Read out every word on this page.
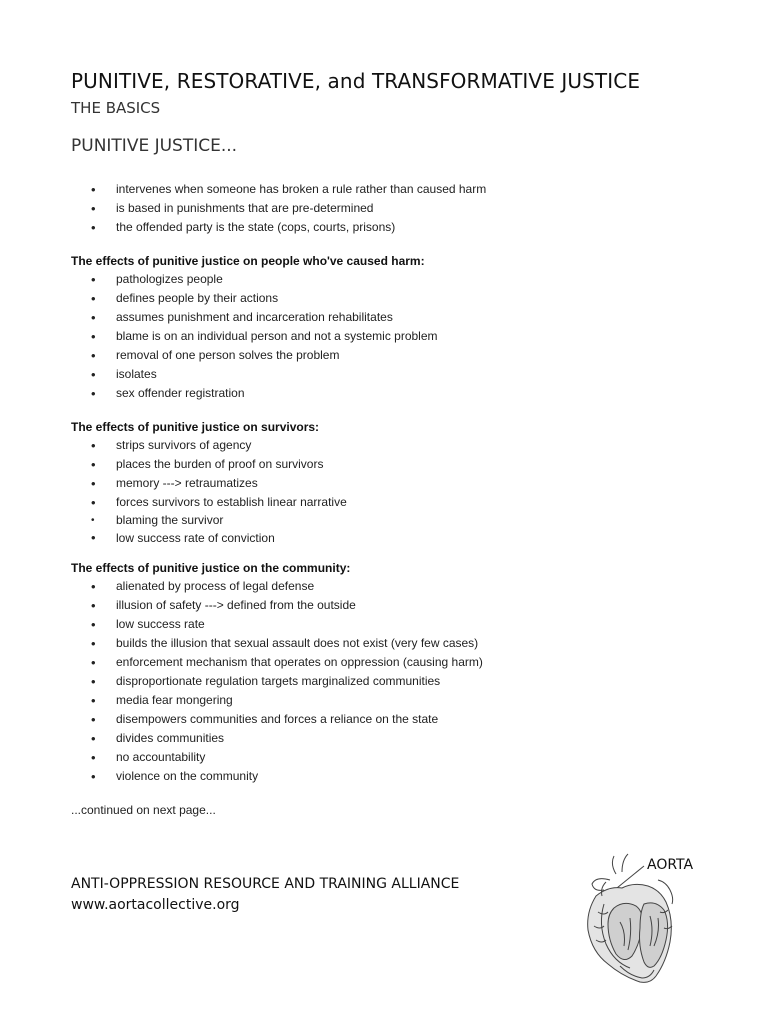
PUNITIVE, RESTORATIVE, and TRANSFORMATIVE JUSTICE
THE BASICS
PUNITIVE JUSTICE...
• intervenes when someone has broken a rule rather than caused harm
• is based in punishments that are pre-determined
• the offended party is the state (cops, courts, prisons)
The effects of punitive justice on people who've caused harm:
• pathologizes people
• defines people by their actions
• assumes punishment and incarceration rehabilitates
• blame is on an individual person and not a systemic problem
• removal of one person solves the problem
• isolates
• sex offender registration
The effects of punitive justice on survivors:
• strips survivors of agency
• places the burden of proof on survivors
• memory ---> retraumatizes
• forces survivors to establish linear narrative
• blaming the survivor
• low success rate of conviction
The effects of punitive justice on the community:
• alienated by process of legal defense
• illusion of safety ---> defined from the outside
• low success rate
• builds the illusion that sexual assault does not exist (very few cases)
• enforcement mechanism that operates on oppression (causing harm)
• disproportionate regulation targets marginalized communities
• media fear mongering
• disempowers communities and forces a reliance on the state
• divides communities
• no accountability
• violence on the community
...continued on next page...
ANTI-OPPRESSION RESOURCE AND TRAINING ALLIANCE
www.aortacollective.org
AORTA
